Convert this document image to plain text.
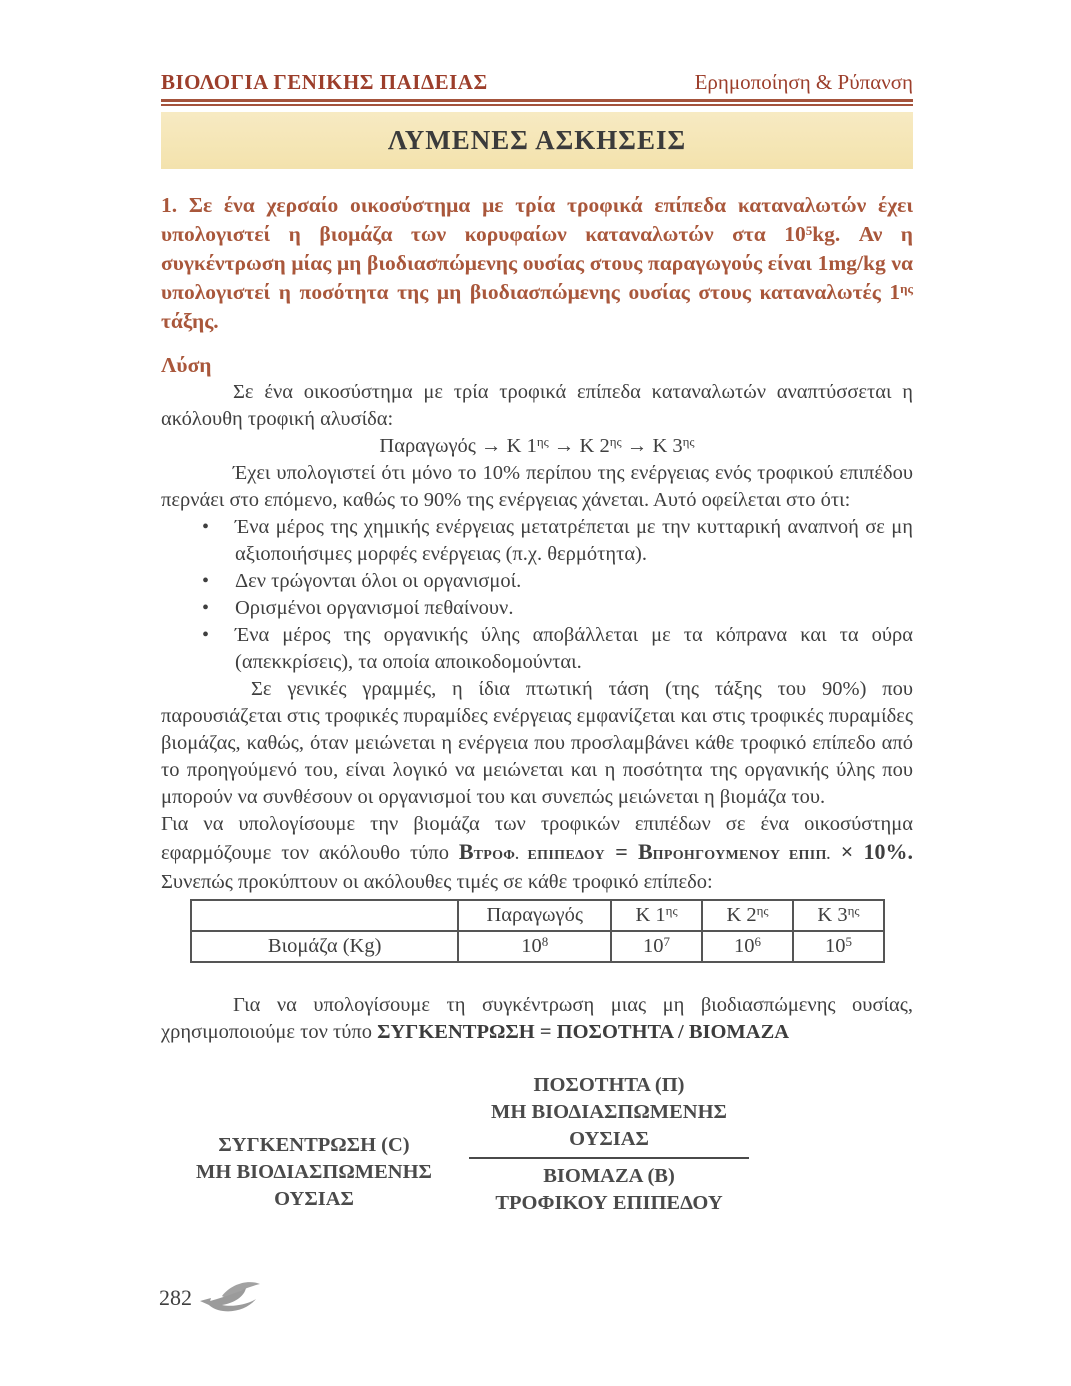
ΒΙΟΛΟΓΙΑ ΓΕΝΙΚΗΣ ΠΑΙΔΕΙΑΣ	Ερημοποίηση & Ρύπανση
ΛΥΜΕΝΕΣ ΑΣΚΗΣΕΙΣ

1. Σε ένα χερσαίο οικοσύστημα με τρία τροφικά επίπεδα καταναλωτών έχει υπολογιστεί η βιομάζα των κορυφαίων καταναλωτών στα $10^5kg$. Αν η συγκέντρωση μίας μη βιοδιασπώμενης ουσίας στους παραγωγούς είναι 1mg/kg να υπολογιστεί η ποσότητα της μη βιοδιασπώμενης ουσίας στους καταναλωτές $1^{\eta\varsigma}$ τάξης.

Λύση

Σε ένα οικοσύστημα με τρία τροφικά επίπεδα καταναλωτών αναπτύσσεται η ακόλουθη τροφική αλυσίδα:

Παραγωγός → Κ $1^{\eta\varsigma} \to K$ $2^{\eta\varsigma} \to K$ $3^{\eta\varsigma}$

Έχει υπολογιστεί ότι μόνο το 10% περίπου της ενέργειας ενός τροφικού επιπέδου περνάει στο επόμενο, καθώς το 90% της ενέργειας χάνεται. Αυτό οφείλεται στο ότι:

• Ένα μέρος της χημικής ενέργειας μετατρέπεται με την κυτταρική αναπνοή σε μη αξιοποιήσιμες μορφές ενέργειας (π.χ. θερμότητα).
• Δεν τρώγονται όλοι οι οργανισμοί.
• Ορισμένοι οργανισμοί πεθαίνουν.
• Ένα μέρος της οργανικής ύλης αποβάλλεται με τα κόπρανα και τα ούρα (απεκκρίσεις), τα οποία αποικοδομούνται.

Σε γενικές γραμμές, η ίδια πτωτική τάση (της τάξης του 90%) που παρουσιάζεται στις τροφικές πυραμίδες ενέργειας εμφανίζεται και στις τροφικές πυραμίδες βιομάζας, καθώς, όταν μειώνεται η ενέργεια που προσλαμβάνει κάθε τροφικό επίπεδο από το προηγούμενό του, είναι λογικό να μειώνεται και η ποσότητα της οργανικής ύλης που μπορούν να συνθέσουν οι οργανισμοί του και συνεπώς μειώνεται η βιομάζα του.

Για να υπολογίσουμε την βιομάζα των τροφικών επιπέδων σε ένα οικοσύστημα εφαρμόζουμε τον ακόλουθο τύπο ΒΤΡΟΦ. ΕΠΙΠΕΔΟΥ = ΒΠΡΟΗΓΟΥΜΕΝΟΥ ΕΠΙΠ. × 10%. Συνεπώς προκύπτουν οι ακόλουθες τιμές σε κάθε τροφικό επίπεδο:

	Παραγωγός	Κ $1^{\eta\varsigma}$	Κ $2^{\eta\varsigma}$	Κ $3^{\eta\varsigma}$
Βιομάζα (Kg)	$10^8$	$10^7$	$10^6$	$10^5$

Για να υπολογίσουμε τη συγκέντρωση μιας μη βιοδιασπώμενης ουσίας, χρησιμοποιούμε τον τύπο ΣΥΓΚΕΝΤΡΩΣΗ = ΠΟΣΟΤΗΤΑ / ΒΙΟΜΑΖΑ

ΣΥΓΚΕΝΤΡΩΣΗ (C)
ΜΗ ΒΙΟΔΙΑΣΠΩΜΕΝΗΣ
ΟΥΣΙΑΣ	ΠΟΣΟΤΗΤΑ (Π)
ΜΗ ΒΙΟΔΙΑΣΠΩΜΕΝΗΣ
ΟΥΣΙΑΣ
ΒΙΟΜΑΖΑ (Β)
ΤΡΟΦΙΚΟΥ ΕΠΙΠΕΔΟΥ
282
